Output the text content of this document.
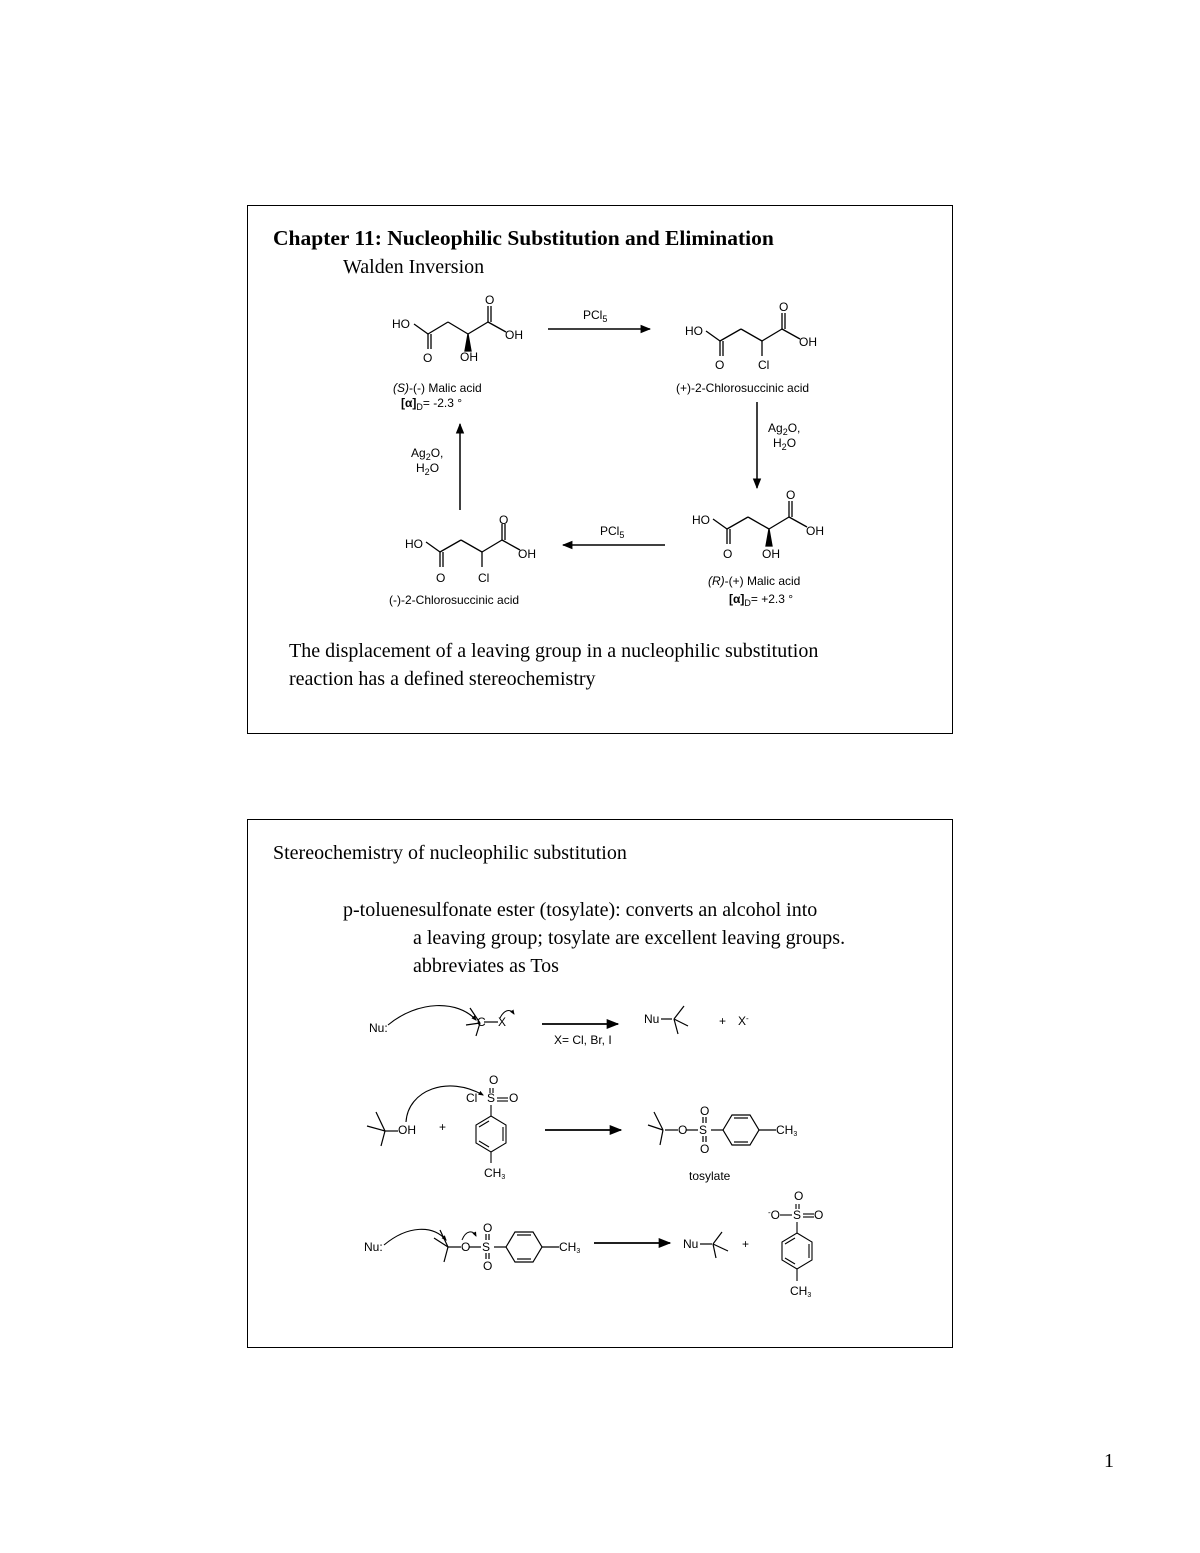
Chapter 11: Nucleophilic Substitution and Elimination
Walden Inversion
HO
O
O
OH
OH
(S)-(-) Malic acid
$[\alpha]_D= -2.3$ °
PCl$_5$
HO
O
O
OH
Cl
(+)-2-Chlorosuccinic acid
$Ag_2O$,
$H_2O$
HO
O
O
OH
OH
(R)-(+) Malic acid
$[\alpha]_D= +2.3$ °
PCl$_5$
HO
O
O
OH
Cl
(-)-2-Chlorosuccinic acid
$Ag_2O$,
$H_2O$
The displacement of a leaving group in a nucleophilic substitution
reaction has a defined stereochemistry
Stereochemistry of nucleophilic substitution
p-toluenesulfonate ester (tosylate): converts an alcohol into
a leaving group; tosylate are excellent leaving groups.
abbreviates as Tos
Nu:	C X
X= Cl, Br, I
Nu	+ X-
OH +
Cl S
O
O
CH3
O S
O
O
CH3
tosylate
Nu:	O S
O
O
CH3
Nu	+
-O S
O
O
CH3
1
